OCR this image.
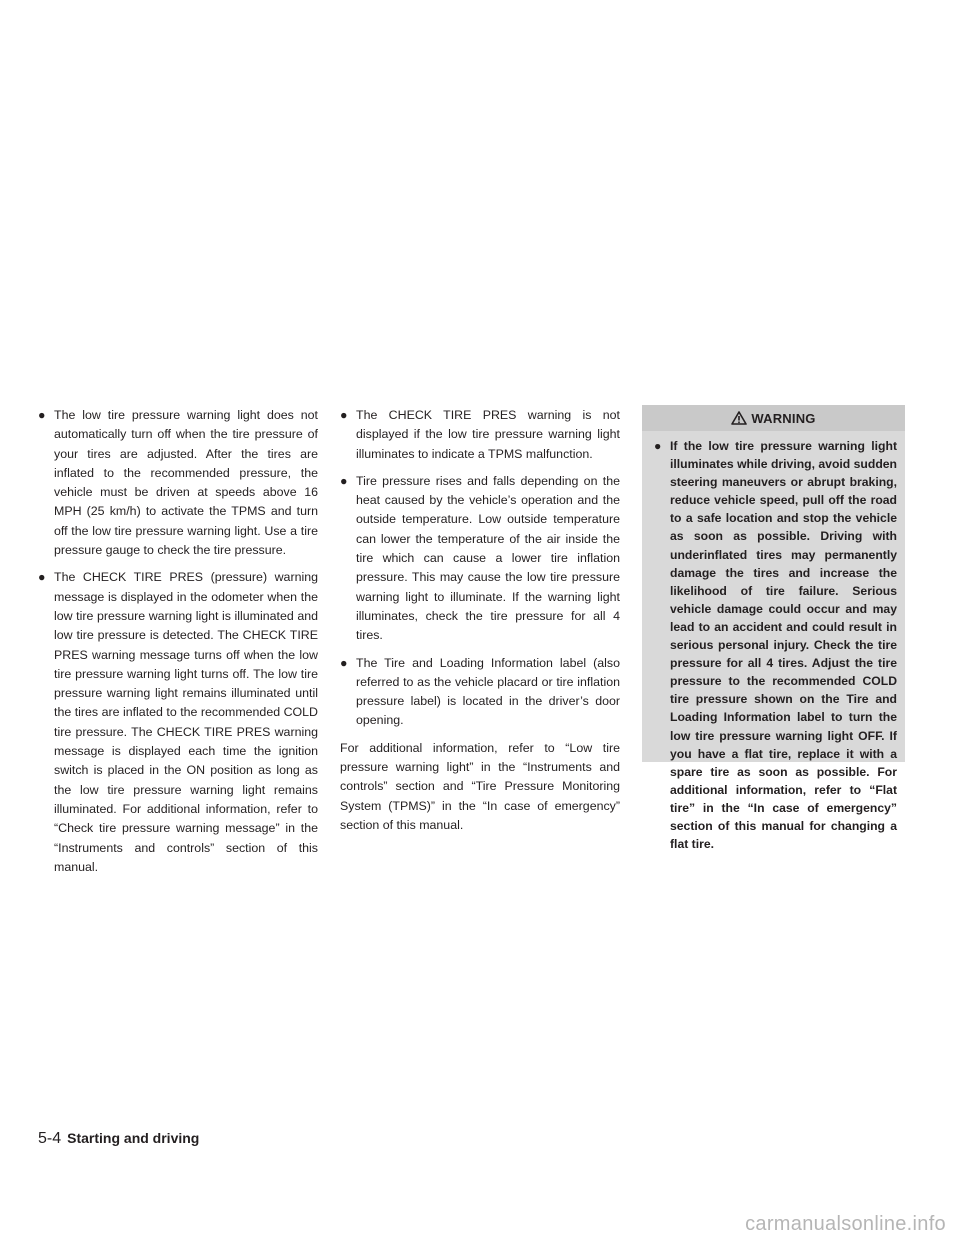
● The low tire pressure warning light does not automatically turn off when the tire pressure of your tires are adjusted. After the tires are inflated to the recommended pressure, the vehicle must be driven at speeds above 16 MPH (25 km/h) to activate the TPMS and turn off the low tire pressure warning light. Use a tire pressure gauge to check the tire pressure.
● The CHECK TIRE PRES (pressure) warning message is displayed in the odometer when the low tire pressure warning light is illuminated and low tire pressure is detected. The CHECK TIRE PRES warning message turns off when the low tire pressure warning light turns off. The low tire pressure warning light remains illuminated until the tires are inflated to the recommended COLD tire pressure. The CHECK TIRE PRES warning message is displayed each time the ignition switch is placed in the ON position as long as the low tire pressure warning light remains illuminated. For additional information, refer to “Check tire pressure warning message” in the “Instruments and controls” section of this manual.
● The CHECK TIRE PRES warning is not displayed if the low tire pressure warning light illuminates to indicate a TPMS malfunction.
● Tire pressure rises and falls depending on the heat caused by the vehicle’s operation and the outside temperature. Low outside temperature can lower the temperature of the air inside the tire which can cause a lower tire inflation pressure. This may cause the low tire pressure warning light to illuminate. If the warning light illuminates, check the tire pressure for all 4 tires.
● The Tire and Loading Information label (also referred to as the vehicle placard or tire inflation pressure label) is located in the driver’s door opening.

For additional information, refer to “Low tire pressure warning light” in the “Instruments and controls” section and “Tire Pressure Monitoring System (TPMS)” in the “In case of emergency” section of this manual.

WARNING
● If the low tire pressure warning light illuminates while driving, avoid sudden steering maneuvers or abrupt braking, reduce vehicle speed, pull off the road to a safe location and stop the vehicle as soon as possible. Driving with underinflated tires may permanently damage the tires and increase the likelihood of tire failure. Serious vehicle damage could occur and may lead to an accident and could result in serious personal injury. Check the tire pressure for all 4 tires. Adjust the tire pressure to the recommended COLD tire pressure shown on the Tire and Loading Information label to turn the low tire pressure warning light OFF. If you have a flat tire, replace it with a spare tire as soon as possible. For additional information, refer to “Flat tire” in the “In case of emergency” section of this manual for changing a flat tire.
5-4 Starting and driving
carmanualsonline.info
